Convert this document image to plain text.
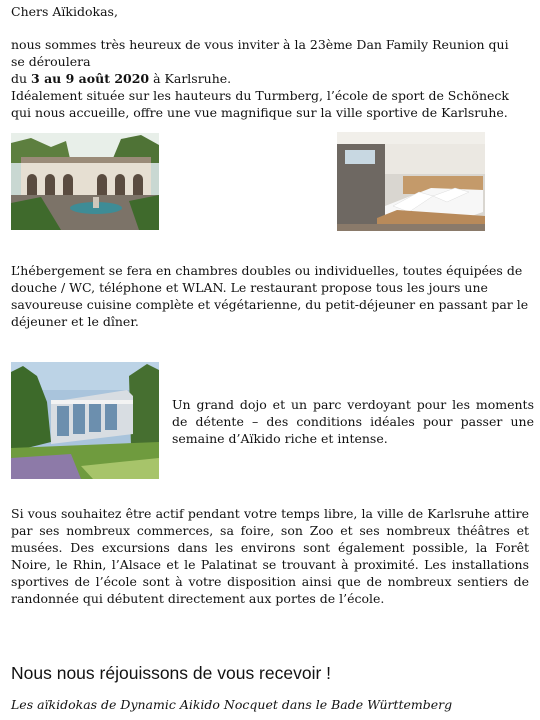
Chers Aïkidokas,
nous sommes très heureux de vous inviter à la 23ème Dan Family Reunion qui se déroulera
du 3 au 9 août 2020 à Karlsruhe.
Idéalement située sur les hauteurs du Turmberg, l’école de sport de Schöneck qui nous accueille, offre une vue magnifique sur la ville sportive de Karlsruhe.
L’hébergement se fera en chambres doubles ou individuelles, toutes équipées de douche / WC, téléphone et WLAN. Le restaurant propose tous les jours une savoureuse cuisine complète et végétarienne, du petit-déjeuner en passant par le déjeuner et le dîner.
Un grand dojo et un parc verdoyant pour les moments de détente – des conditions idéales pour passer une semaine d’Aïkido riche et intense.
Si vous souhaitez être actif pendant votre temps libre, la ville de Karlsruhe attire par ses nombreux commerces, sa foire, son Zoo et ses nombreux théâtres et musées. Des excursions dans les environs sont également possible, la Forêt Noire, le Rhin, l’Alsace et le Palatinat se trouvant à proximité. Les installations sportives de l’école sont à votre disposition ainsi que de nombreux sentiers de randonnée qui débutent directement aux portes de l’école.
Nous nous réjouissons de vous recevoir !
Les aïkidokas de Dynamic Aikido Nocquet dans le Bade Württemberg
